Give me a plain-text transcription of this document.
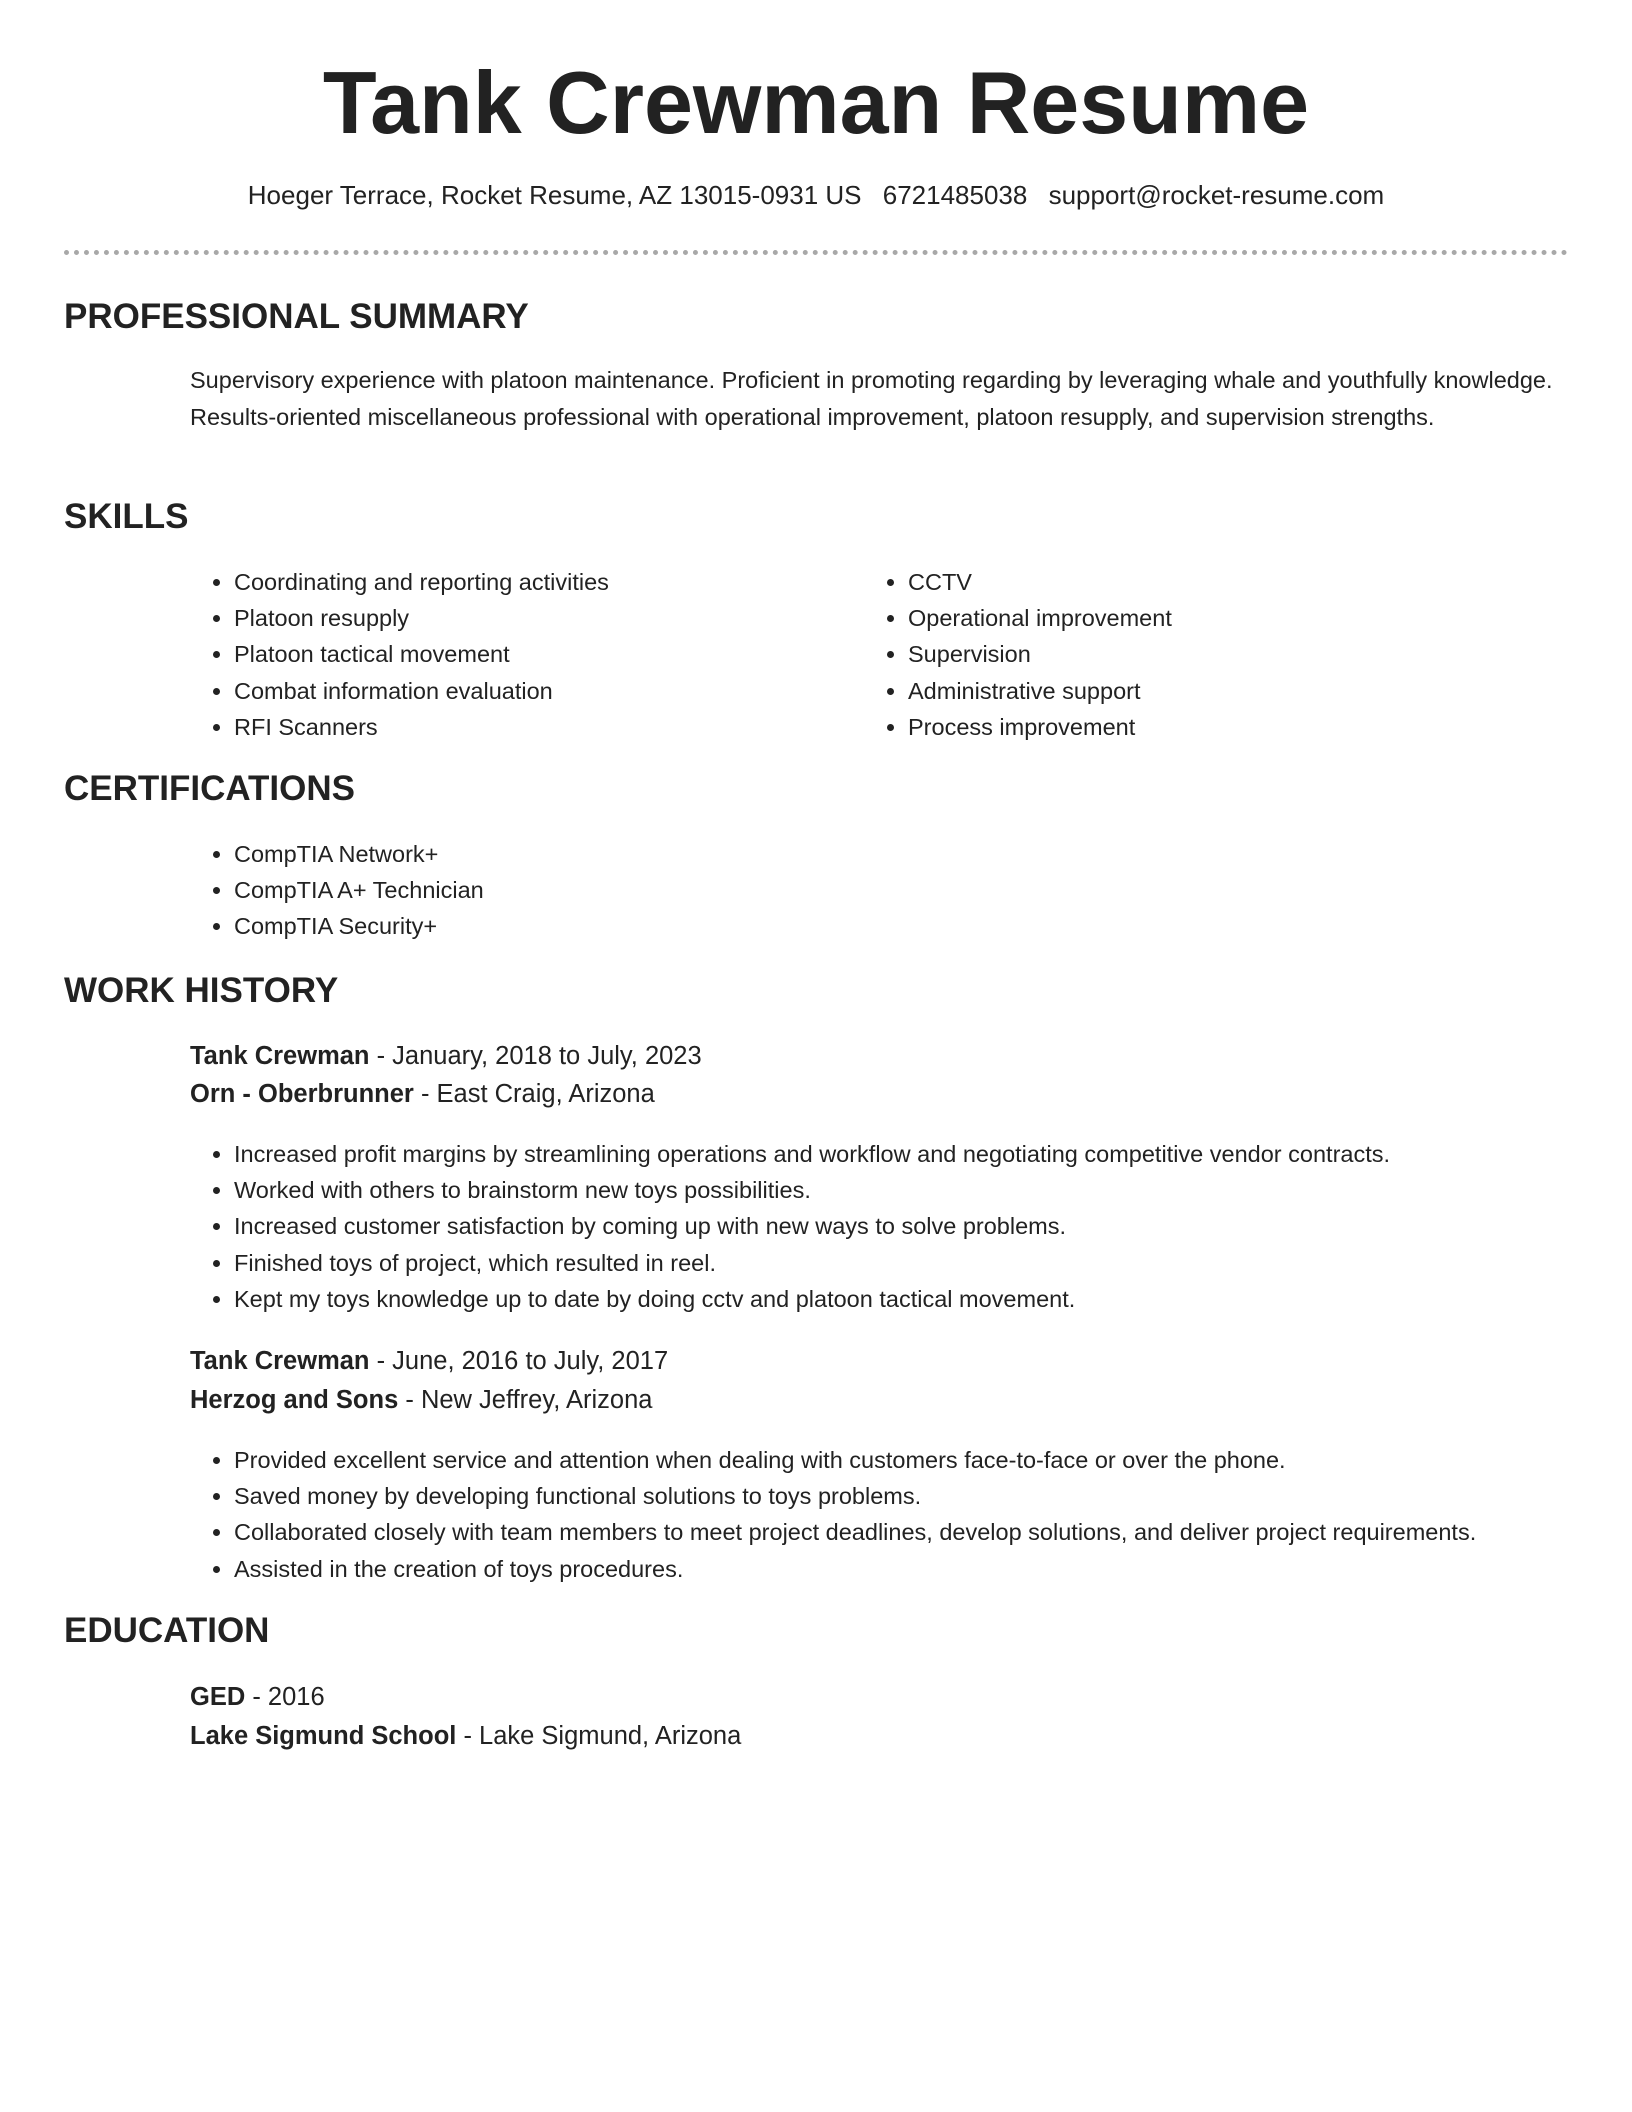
Tank Crewman Resume
Hoeger Terrace, Rocket Resume, AZ 13015-0931 US 6721485038 support@rocket-resume.com
PROFESSIONAL SUMMARY

Supervisory experience with platoon maintenance. Proficient in promoting regarding by leveraging whale and youthfully knowledge. Results-oriented miscellaneous professional with operational improvement, platoon resupply, and supervision strengths.

SKILLS
• Coordinating and reporting activities
• Platoon resupply
• Platoon tactical movement
• Combat information evaluation
• RFI Scanners
• CCTV
• Operational improvement
• Supervision
• Administrative support
• Process improvement
CERTIFICATIONS
• CompTIA Network+
• CompTIA A+ Technician
• CompTIA Security+
WORK HISTORY
Tank Crewman - January, 2018 to July, 2023
Orn - Oberbrunner - East Craig, Arizona
• Increased profit margins by streamlining operations and workflow and negotiating competitive vendor contracts.
• Worked with others to brainstorm new toys possibilities.
• Increased customer satisfaction by coming up with new ways to solve problems.
• Finished toys of project, which resulted in reel.
• Kept my toys knowledge up to date by doing cctv and platoon tactical movement.
Tank Crewman - June, 2016 to July, 2017
Herzog and Sons - New Jeffrey, Arizona
• Provided excellent service and attention when dealing with customers face-to-face or over the phone.
• Saved money by developing functional solutions to toys problems.
• Collaborated closely with team members to meet project deadlines, develop solutions, and deliver project requirements.
• Assisted in the creation of toys procedures.
EDUCATION
GED - 2016
Lake Sigmund School - Lake Sigmund, Arizona
